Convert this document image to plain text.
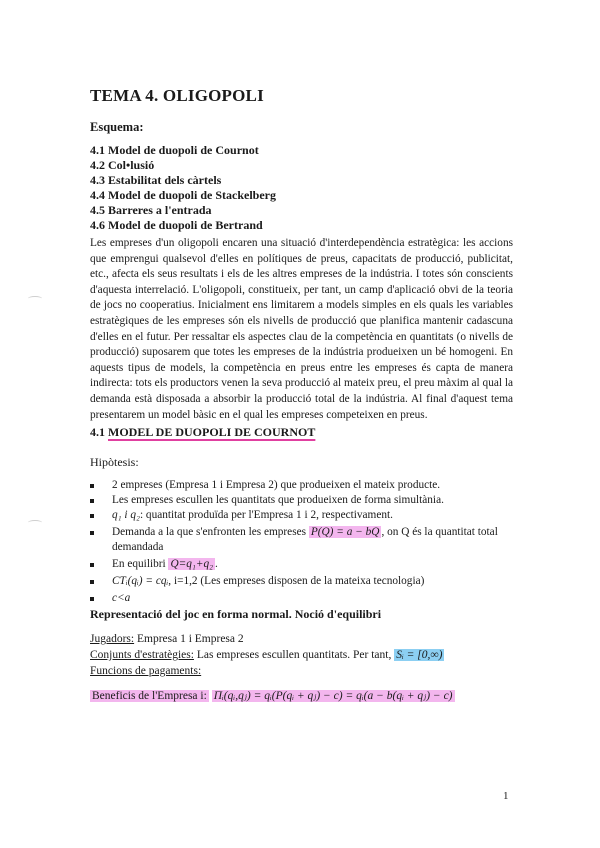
TEMA 4. OLIGOPOLI
Esquema:
4.1 Model de duopoli de Cournot
4.2 Col•lusió
4.3 Estabilitat dels càrtels
4.4 Model de duopoli de Stackelberg
4.5 Barreres a l'entrada
4.6 Model de duopoli de Bertrand
Les empreses d'un oligopoli encaren una situació d'interdependència estratègica: les accions que emprengui qualsevol d'elles en polítiques de preus, capacitats de producció, publicitat, etc., afecta els seus resultats i els de les altres empreses de la indústria. I totes són conscients d'aquesta interrelació. L'oligopoli, constitueix, per tant, un camp d'aplicació obvi de la teoria de jocs no cooperatius. Inicialment ens limitarem a models simples en els quals les variables estratègiques de les empreses són els nivells de producció que planifica mantenir cadascuna d'elles en el futur. Per ressaltar els aspectes clau de la competència en quantitats (o nivells de producció) suposarem que totes les empreses de la indústria produeixen un bé homogeni. En aquests tipus de models, la competència en preus entre les empreses és capta de manera indirecta: tots els productors venen la seva producció al mateix preu, el preu màxim al qual la demanda està disposada a absorbir la producció total de la indústria. Al final d'aquest tema presentarem un model bàsic en el qual les empreses competeixen en preus.
4.1 MODEL DE DUOPOLI DE COURNOT
Hipòtesis:
2 empreses (Empresa 1 i Empresa 2) que produeixen el mateix producte.
Les empreses escullen les quantitats que produeixen de forma simultània.
q₁ i q₂: quantitat produïda per l'Empresa 1 i 2, respectivament.
Demanda a la que s'enfronten les empreses P(Q) = a − bQ , on Q és la quantitat total demandada
En equilibri Q=q₁+q₂ .
CTᵢ(qᵢ) = cqᵢ, i=1,2 (Les empreses disposen de la mateixa tecnologia)
c<a
Representació del joc en forma normal. Noció d'equilibri
Jugadors: Empresa 1 i Empresa 2
Conjunts d'estratègies: Las empreses escullen quantitats. Per tant, Sᵢ = [0,∞)
Funcions de pagaments:
Beneficis de l'Empresa i: Πᵢ(qᵢ,qⱼ) = qᵢ(P(qᵢ + qⱼ) − c) = qᵢ(a − b(qᵢ + qⱼ) − c)
1
